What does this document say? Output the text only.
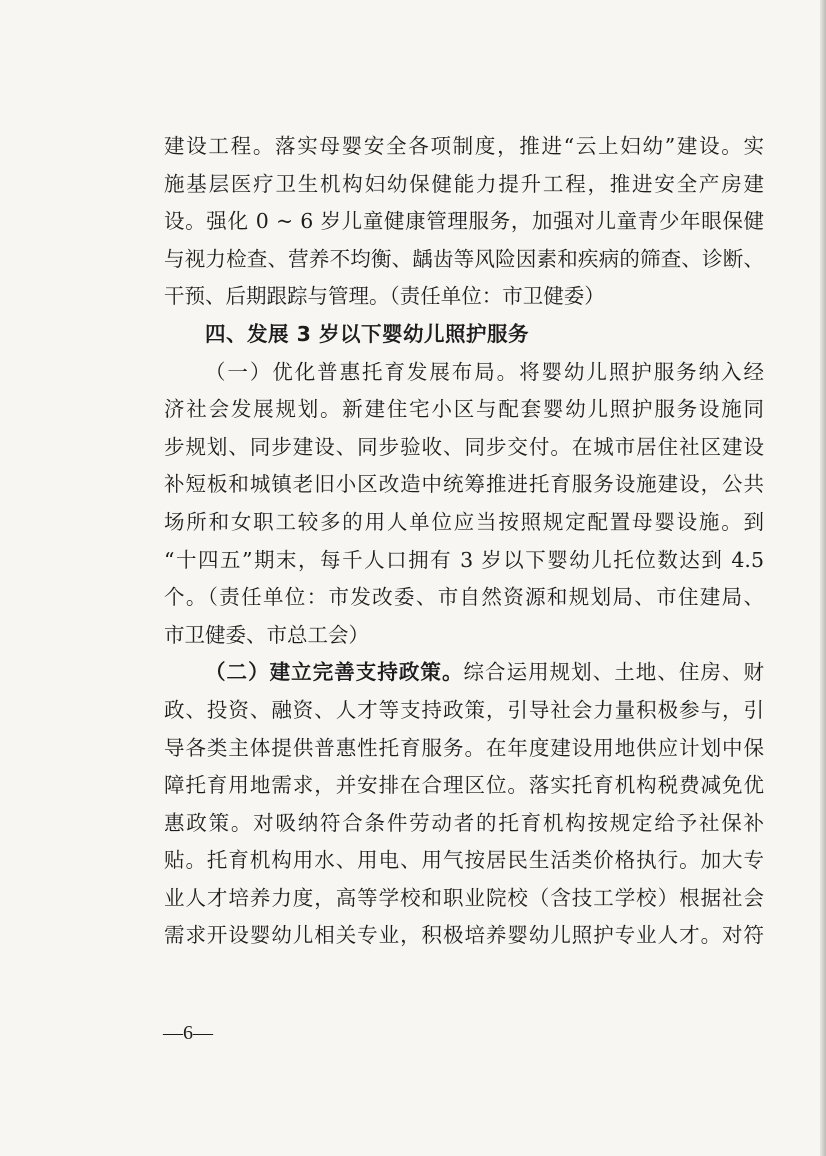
建设工程。落实母婴安全各项制度，推进“云上妇幼”建设。实
施基层医疗卫生机构妇幼保健能力提升工程，推进安全产房建
设。强化 0 ~ 6 岁儿童健康管理服务，加强对儿童青少年眼保健
与视力检查、营养不均衡、龋齿等风险因素和疾病的筛查、诊断、
干预、后期跟踪与管理。（责任单位：市卫健委）
四、发展 3 岁以下婴幼儿照护服务
（一）优化普惠托育发展布局。将婴幼儿照护服务纳入经
济社会发展规划。新建住宅小区与配套婴幼儿照护服务设施同
步规划、同步建设、同步验收、同步交付。在城市居住社区建设
补短板和城镇老旧小区改造中统筹推进托育服务设施建设，公共
场所和女职工较多的用人单位应当按照规定配置母婴设施。到
“十四五”期末，每千人口拥有 3 岁以下婴幼儿托位数达到 4.5
个。（责任单位：市发改委、市自然资源和规划局、市住建局、
市卫健委、市总工会）
（二）建立完善支持政策。综合运用规划、土地、住房、财
政、投资、融资、人才等支持政策，引导社会力量积极参与，引
导各类主体提供普惠性托育服务。在年度建设用地供应计划中保
障托育用地需求，并安排在合理区位。落实托育机构税费减免优
惠政策。对吸纳符合条件劳动者的托育机构按规定给予社保补
贴。托育机构用水、用电、用气按居民生活类价格执行。加大专
业人才培养力度，高等学校和职业院校（含技工学校）根据社会
需求开设婴幼儿相关专业，积极培养婴幼儿照护专业人才。对符
—6—
